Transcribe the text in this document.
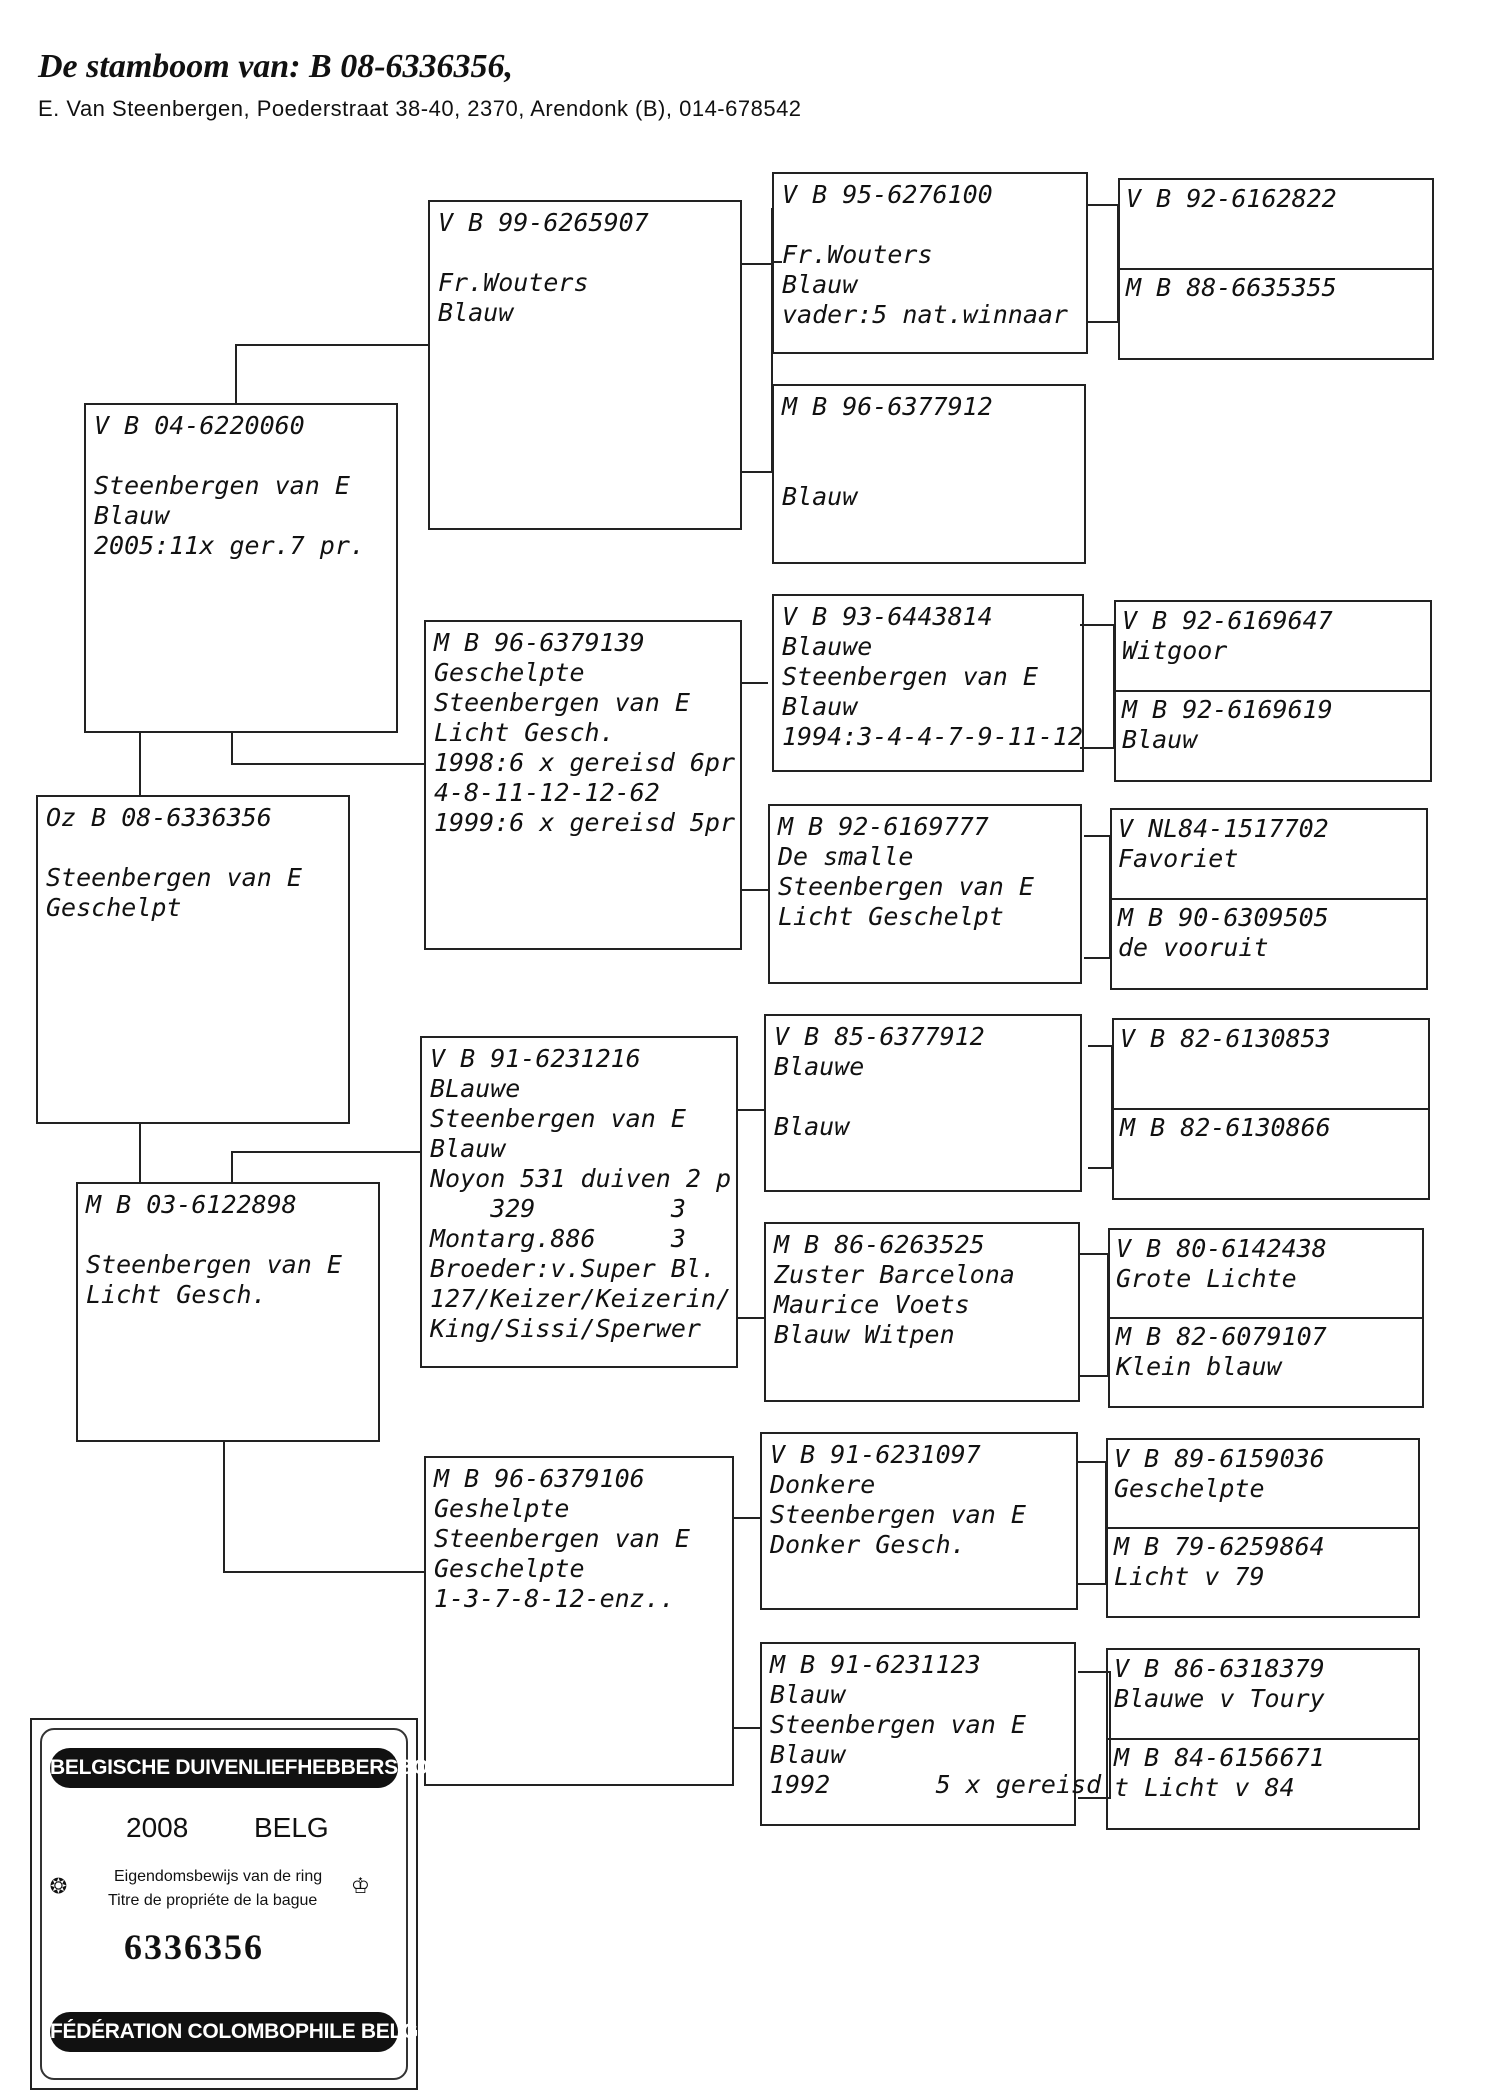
De stamboom van: B 08-6336356,
E. Van Steenbergen, Poederstraat 38-40, 2370, Arendonk (B), 014-678542
Oz B 08-6336356

Steenbergen van E
Geschelpt
V B 04-6220060

Steenbergen van E
Blauw
2005:11x ger.7 pr.
M B 03-6122898

Steenbergen van E
Licht Gesch.
V B 99-6265907

Fr.Wouters
Blauw
M B 96-6379139
Geschelpte
Steenbergen van E
Licht Gesch.
1998:6 x gereisd 6pr
4-8-11-12-12-62
1999:6 x gereisd 5pr
V B 91-6231216
BLauwe
Steenbergen van E
Blauw
Noyon 531 duiven 2 p
329         3
Montarg.886     3
Broeder:v.Super Bl.
127/Keizer/Keizerin/
King/Sissi/Sperwer
M B 96-6379106
Geshelpte
Steenbergen van E
Geschelpte
1-3-7-8-12-enz..
V B 95-6276100

Fr.Wouters
Blauw
vader:5 nat.winnaar
M B 96-6377912

Blauw
V B 93-6443814
Blauwe
Steenbergen van E
Blauw
1994:3-4-4-7-9-11-12
M B 92-6169777
De smalle
Steenbergen van E
Licht Geschelpt
V B 85-6377912
Blauwe

Blauw
M B 86-6263525
Zuster Barcelona
Maurice Voets
Blauw Witpen
V B 91-6231097
Donkere
Steenbergen van E
Donker Gesch.
M B 91-6231123
Blauw
Steenbergen van E
Blauw
1992       5 x gereisd
V B 92-6162822
M B 88-6635355
V B 92-6169647
Witgoor
M B 92-6169619
Blauw
V NL84-1517702
Favoriet
M B 90-6309505
de vooruit
V B 82-6130853
M B 82-6130866
V B 80-6142438
Grote Lichte
M B 82-6079107
Klein blauw
V B 89-6159036
Geschelpte
M B 79-6259864
Licht v 79
V B 86-6318379
Blauwe v Toury
M B 84-6156671
t Licht v 84
BELGISCHE DUIVENLIEFHEBBERSBOND
2008 BELG
❂	♔
Eigendomsbewijs van de ring
Titre de propriéte de la bague
6336356
FÉDÉRATION COLOMBOPHILE BELGE
